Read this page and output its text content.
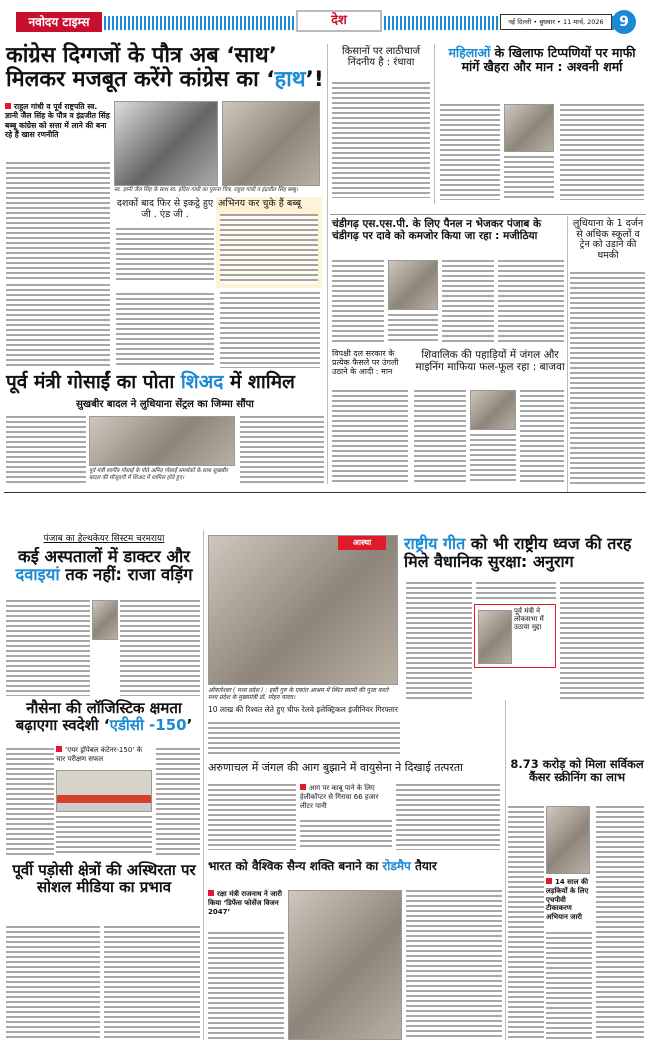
नवोदय टाइम्स	देश	नई दिल्ली • बुधवार • 11 मार्च, 2026	9
कांग्रेस दिग्गजों के पौत्र अब ‘साथ’
मिलकर मजबूत करेंगे कांग्रेस का ‘हाथ’!
राहुल गांधी व पूर्व राष्ट्रपति स्व. ज्ञानी जैल सिंह के पौत्र व इंद्रजीत सिंह बब्बू कांग्रेस को सत्ता में लाने की बना रहे हैं खास रणनीति
स्व. ज्ञानी जैल सिंह के साथ स्व. इंदिरा गांधी का पुराना चित्र, राहुल गांधी व इंद्रजीत सिंह बब्बू।
दशकों बाद फिर से इकट्ठे हुए जी . एंड जी .
अभिनय कर चुके हैं बब्बू
किसानों पर लाठीचार्ज निंदनीय है : रंधावा
महिलाओं के खिलाफ टिप्पणियों पर माफी मांगें खैहरा और मान : अश्वनी शर्मा
चंडीगढ़ एस.एस.पी. के लिए पैनल न भेजकर पंजाब के चंडीगढ़ पर दावे को कमजोर किया जा रहा : मजीठिया
लुधियाना के 1 दर्जन से अधिक स्कूलों व ट्रेन को उड़ाने की धमकी
विपक्षी दल सरकार के प्रत्येक फैसले पर उंगली उठाने के आदी : मान
शिवालिक की पहाड़ियों में जंगल और माइनिंग माफिया फल-फूल रहा : बाजवा
पूर्व मंत्री गोसाईं का पोता शिअद में शामिल
सुखबीर बादल ने लुधियाना सेंट्रल का जिम्मा सौंपा
पूर्व मंत्री स्वर्गीय गोसाईं के पोते अमित गोसाईं समर्थकों के साथ सुखबीर बादल की मौजूदगी में शिअद में शामिल होते हुए।
पंजाब का हेल्थकेयर सिस्टम चरमराया
कई अस्पतालों में डाक्टर और
दवाइयां तक नहीं: राजा वड़िंग
आस्था
ओंकारेश्वर ( मध्य प्रदेश ) : इसी गुरु के एकांत आश्रम में स्थित स्वामी की पूजा करते मध्य प्रदेश के मुख्यमंत्री डॉ. मोहन यादव।
राष्ट्रीय गीत को भी राष्ट्रीय ध्वज की तरह मिले वैधानिक सुरक्षा: अनुराग
पूर्व मंत्री ने लोकसभा में उठाया मुद्दा
10 लाख की रिश्वत लेते हुए चीफ रेलवे इलेक्ट्रिकल इंजीनियर गिरफ्तार
नौसेना की लॉजिस्टिक क्षमता बढ़ाएगा स्वदेशी ‘एडीसी -150’
‘एयर ड्रॉपेबल कंटेनर-150’ के चार परीक्षण सफल
अरुणाचल में जंगल की आग बुझाने में वायुसेना ने दिखाई तत्परता
आग पर काबू पाने के लिए हेलीकॉप्टर से गिराया 66 हजार लीटर पानी
8.73 करोड़ को मिला सर्विकल कैंसर स्क्रीनिंग का लाभ
14 साल की लड़कियों के लिए एचपीवी टीकाकरण अभियान जारी
पूर्वी पड़ोसी क्षेत्रों की अस्थिरता पर सोशल मीडिया का प्रभाव
भारत को वैश्विक सैन्य शक्ति बनाने का रोडमैप तैयार
रक्षा मंत्री राजनाथ ने जारी किया ‘डिफेंस फोर्सेज विजन 2047’
